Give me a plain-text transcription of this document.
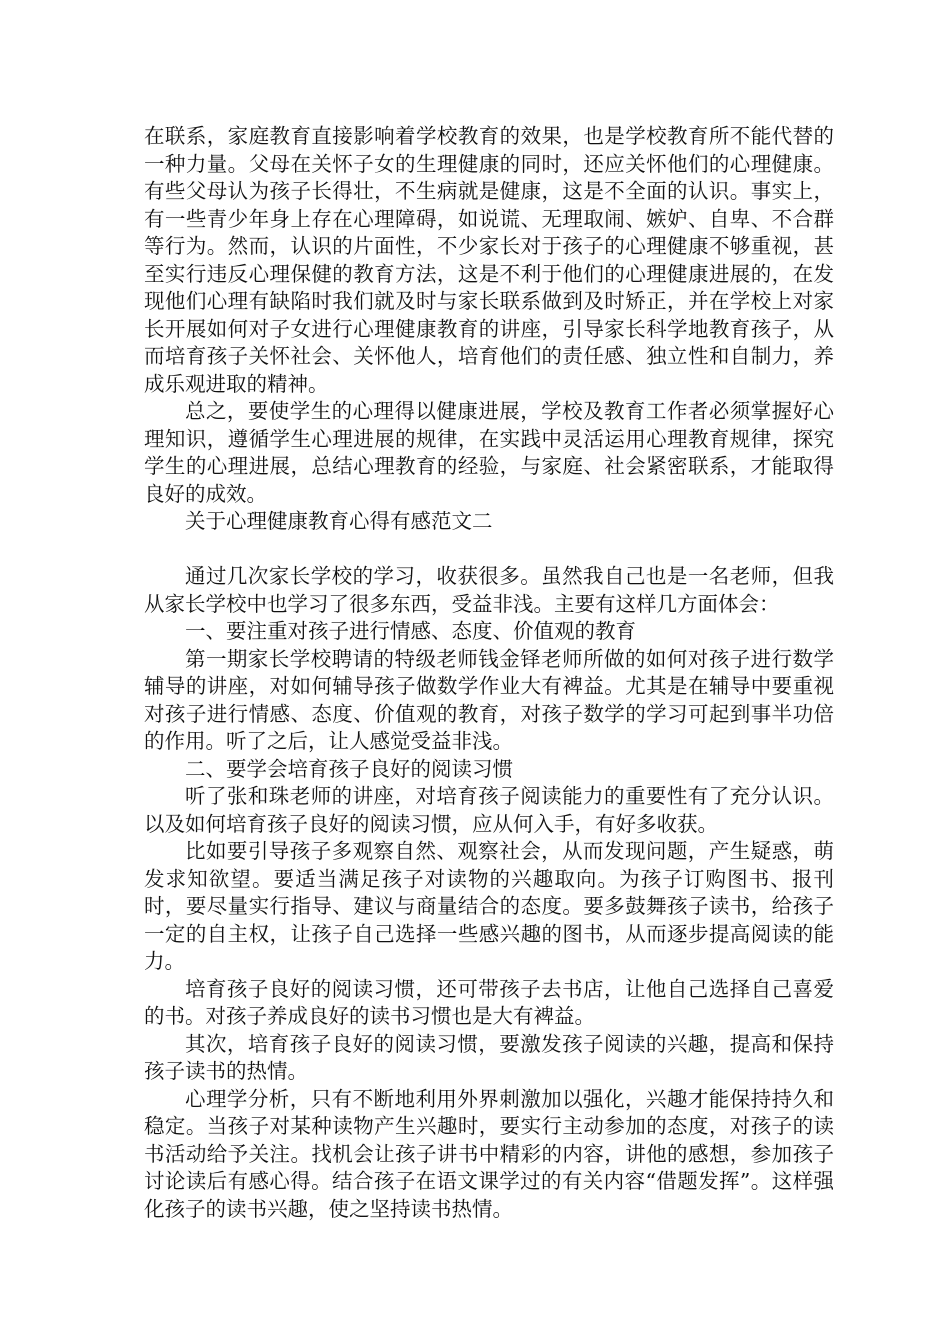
在联系，家庭教育直接影响着学校教育的效果，也是学校教育所不能代替的一种力量。父母在关怀子女的生理健康的同时，还应关怀他们的心理健康。有些父母认为孩子长得壮，不生病就是健康，这是不全面的认识。事实上，有一些青少年身上存在心理障碍，如说谎、无理取闹、嫉妒、自卑、不合群等行为。然而，认识的片面性，不少家长对于孩子的心理健康不够重视，甚至实行违反心理保健的教育方法，这是不利于他们的心理健康进展的，在发现他们心理有缺陷时我们就及时与家长联系做到及时矫正，并在学校上对家长开展如何对子女进行心理健康教育的讲座，引导家长科学地教育孩子，从而培育孩子关怀社会、关怀他人，培育他们的责任感、独立性和自制力，养成乐观进取的精神。

总之，要使学生的心理得以健康进展，学校及教育工作者必须掌握好心理知识，遵循学生心理进展的规律，在实践中灵活运用心理教育规律，探究学生的心理进展，总结心理教育的经验，与家庭、社会紧密联系，才能取得良好的成效。

关于心理健康教育心得有感范文二

通过几次家长学校的学习，收获很多。虽然我自己也是一名老师，但我从家长学校中也学习了很多东西，受益非浅。主要有这样几方面体会：

一、要注重对孩子进行情感、态度、价值观的教育

第一期家长学校聘请的特级老师钱金铎老师所做的如何对孩子进行数学辅导的讲座，对如何辅导孩子做数学作业大有裨益。尤其是在辅导中要重视对孩子进行情感、态度、价值观的教育，对孩子数学的学习可起到事半功倍的作用。听了之后，让人感觉受益非浅。

二、要学会培育孩子良好的阅读习惯

听了张和珠老师的讲座，对培育孩子阅读能力的重要性有了充分认识。以及如何培育孩子良好的阅读习惯，应从何入手，有好多收获。

比如要引导孩子多观察自然、观察社会，从而发现问题，产生疑惑，萌发求知欲望。要适当满足孩子对读物的兴趣取向。为孩子订购图书、报刊时，要尽量实行指导、建议与商量结合的态度。要多鼓舞孩子读书，给孩子一定的自主权，让孩子自己选择一些感兴趣的图书，从而逐步提高阅读的能力。

培育孩子良好的阅读习惯，还可带孩子去书店，让他自己选择自己喜爱的书。对孩子养成良好的读书习惯也是大有裨益。

其次，培育孩子良好的阅读习惯，要激发孩子阅读的兴趣，提高和保持孩子读书的热情。

心理学分析，只有不断地利用外界刺激加以强化，兴趣才能保持持久和稳定。当孩子对某种读物产生兴趣时，要实行主动参加的态度，对孩子的读书活动给予关注。找机会让孩子讲书中精彩的内容，讲他的感想，参加孩子讨论读后有感心得。结合孩子在语文课学过的有关内容“借题发挥”。这样强化孩子的读书兴趣，使之坚持读书热情。
